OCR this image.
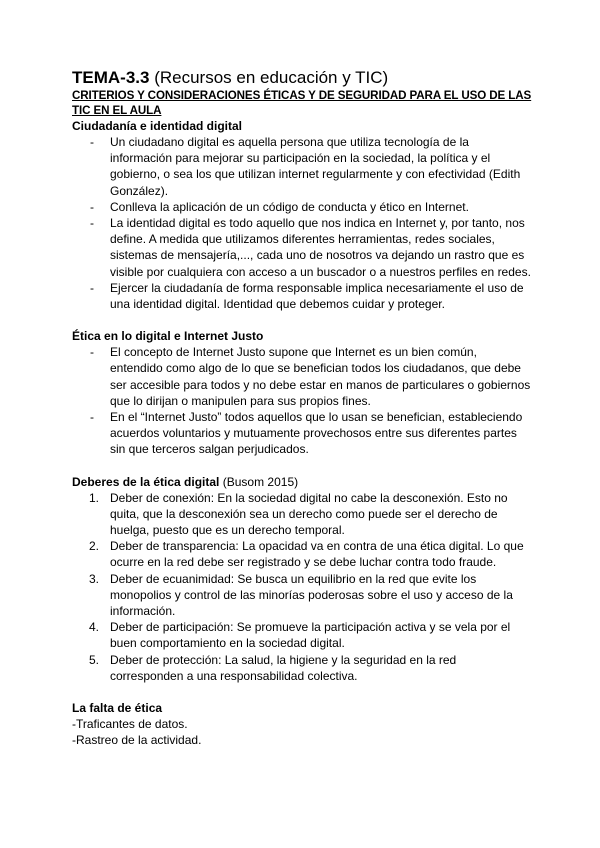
TEMA-3.3 (Recursos en educación y TIC)

CRITERIOS Y CONSIDERACIONES ÉTICAS Y DE SEGURIDAD PARA EL USO DE LAS TIC EN EL AULA

Ciudadanía e identidad digital
- Un ciudadano digital es aquella persona que utiliza tecnología de la información para mejorar su participación en la sociedad, la política y el gobierno, o sea los que utilizan internet regularmente y con efectividad (Edith González).
- Conlleva la aplicación de un código de conducta y ético en Internet.
- La identidad digital es todo aquello que nos indica en Internet y, por tanto, nos define. A medida que utilizamos diferentes herramientas, redes sociales, sistemas de mensajería,..., cada uno de nosotros va dejando un rastro que es visible por cualquiera con acceso a un buscador o a nuestros perfiles en redes.
- Ejercer la ciudadanía de forma responsable implica necesariamente el uso de una identidad digital. Identidad que debemos cuidar y proteger.
Ética en lo digital e Internet Justo
- El concepto de Internet Justo supone que Internet es un bien común, entendido como algo de lo que se benefician todos los ciudadanos, que debe ser accesible para todos y no debe estar en manos de particulares o gobiernos que lo dirijan o manipulen para sus propios fines.
- En el “Internet Justo” todos aquellos que lo usan se benefician, estableciendo acuerdos voluntarios y mutuamente provechosos entre sus diferentes partes sin que terceros salgan perjudicados.
Deberes de la ética digital (Busom 2015)
1. Deber de conexión: En la sociedad digital no cabe la desconexión. Esto no quita, que la desconexión sea un derecho como puede ser el derecho de huelga, puesto que es un derecho temporal.
2. Deber de transparencia: La opacidad va en contra de una ética digital. Lo que ocurre en la red debe ser registrado y se debe luchar contra todo fraude.
3. Deber de ecuanimidad: Se busca un equilibrio en la red que evite los monopolios y control de las minorías poderosas sobre el uso y acceso de la información.
4. Deber de participación: Se promueve la participación activa y se vela por el buen comportamiento en la sociedad digital.
5. Deber de protección: La salud, la higiene y la seguridad en la red corresponden a una responsabilidad colectiva.
La falta de ética

-Traficantes de datos.

-Rastreo de la actividad.
